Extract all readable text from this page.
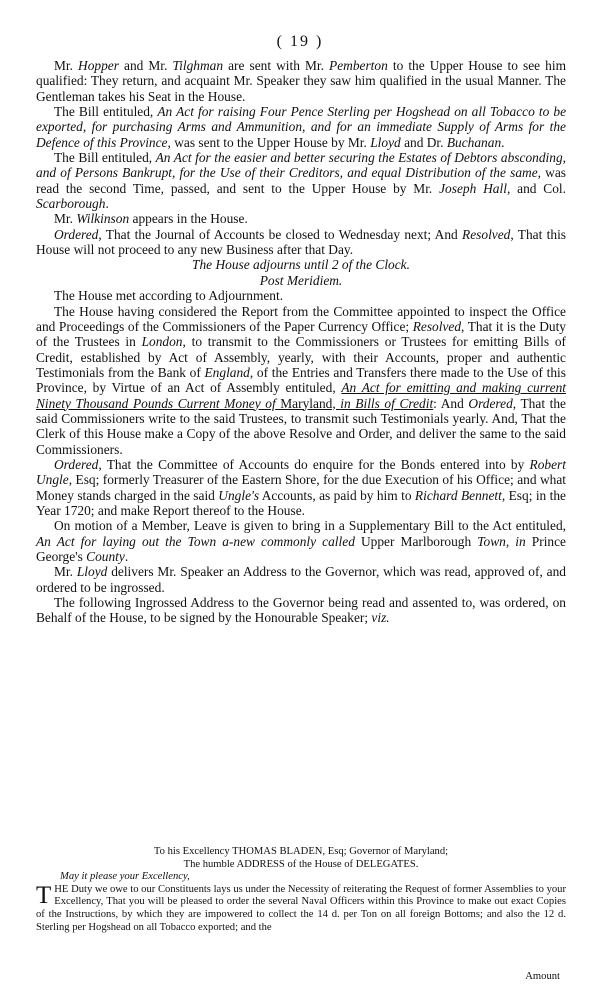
( 19 )

Mr. Hopper and Mr. Tilghman are sent with Mr. Pemberton to the Upper House to see him qualified: They return, and acquaint Mr. Speaker they saw him qualified in the usual Manner. The Gentleman takes his Seat in the House.

The Bill entituled, An Act for raising Four Pence Sterling per Hogshead on all Tobacco to be exported, for purchasing Arms and Ammunition, and for an immediate Supply of Arms for the Defence of this Province, was sent to the Upper House by Mr. Lloyd and Dr. Buchanan.

The Bill entituled, An Act for the easier and better securing the Estates of Debtors absconding, and of Persons Bankrupt, for the Use of their Creditors, and equal Distribution of the same, was read the second Time, passed, and sent to the Upper House by Mr. Joseph Hall, and Col. Scarborough.

Mr. Wilkinson appears in the House.

Ordered, That the Journal of Accounts be closed to Wednesday next; And Resolved, That this House will not proceed to any new Business after that Day.

The House adjourns until 2 of the Clock.

Post Meridiem.

The House met according to Adjournment.

The House having considered the Report from the Committee appointed to inspect the Office and Proceedings of the Commissioners of the Paper Currency Office; Resolved, That it is the Duty of the Trustees in London, to transmit to the Commissioners or Trustees for emitting Bills of Credit, established by Act of Assembly, yearly, with their Accounts, proper and authentic Testimonials from the Bank of England, of the Entries and Transfers there made to the Use of this Province, by Virtue of an Act of Assembly entituled, An Act for emitting and making current Ninety Thousand Pounds Current Money of Maryland, in Bills of Credit: And Ordered, That the said Commissioners write to the said Trustees, to transmit such Testimonials yearly. And, That the Clerk of this House make a Copy of the above Resolve and Order, and deliver the same to the said Commissioners.

Ordered, That the Committee of Accounts do enquire for the Bonds entered into by Robert Ungle, Esq; formerly Treasurer of the Eastern Shore, for the due Execution of his Office; and what Money stands charged in the said Ungle's Accounts, as paid by him to Richard Bennett, Esq; in the Year 1720; and make Report thereof to the House.

On motion of a Member, Leave is given to bring in a Supplementary Bill to the Act entituled, An Act for laying out the Town a-new commonly called Upper Marlborough Town, in Prince George's County.

Mr. Lloyd delivers Mr. Speaker an Address to the Governor, which was read, approved of, and ordered to be ingrossed.

The following Ingrossed Address to the Governor being read and assented to, was ordered, on Behalf of the House, to be signed by the Honourable Speaker; viz.

To his Excellency THOMAS BLADEN, Esq; Governor of Maryland;

The humble ADDRESS of the House of DELEGATES.

May it please your Excellency,

THE Duty we owe to our Constituents lays us under the Necessity of reiterating the Request of former Assemblies to your Excellency, That you will be pleased to order the several Naval Officers within this Province to make out exact Copies of the Instructions, by which they are impowered to collect the 14 d. per Ton on all foreign Bottoms; and also the 12 d. Sterling per Hogshead on all Tobacco exported; and the

Amount
